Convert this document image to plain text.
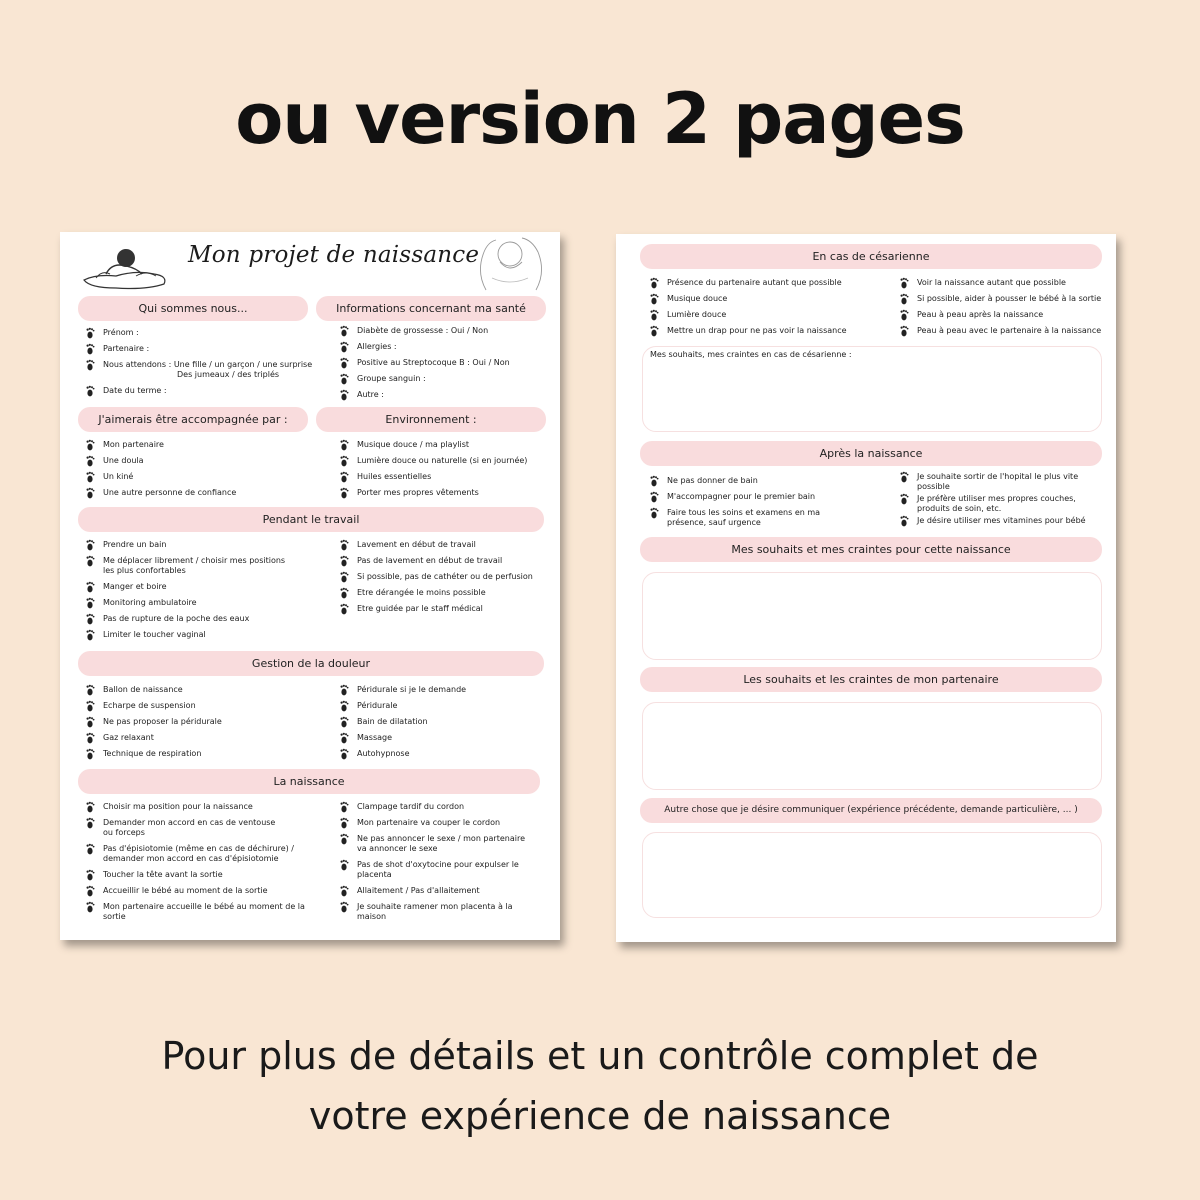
ou version 2 pages
Mon projet de naissance
Qui sommes nous...	Informations concernant ma santé
Prénom :
Partenaire :
Nous attendons : Une fille / un garçon / une surprise
Des jumeaux / des triplés
Date du terme :
Diabète de grossesse : Oui / Non
Allergies :
Positive au Streptocoque B : Oui / Non
Groupe sanguin :
Autre :
J'aimerais être accompagnée par :	Environnement :
Mon partenaire
Une doula
Un kiné
Une autre personne de confiance
Musique douce / ma playlist
Lumière douce ou naturelle (si en journée)
Huiles essentielles
Porter mes propres vêtements
Pendant le travail
Prendre un bain
Me déplacer librement / choisir mes positions
les plus confortables
Manger et boire
Monitoring ambulatoire
Pas de rupture de la poche des eaux
Limiter le toucher vaginal
Lavement en début de travail
Pas de lavement en début de travail
Si possible, pas de cathéter ou de perfusion
Etre dérangée le moins possible
Etre guidée par le staff médical
Gestion de la douleur
Ballon de naissance
Echarpe de suspension
Ne pas proposer la péridurale
Gaz relaxant
Technique de respiration
Péridurale si je le demande
Péridurale
Bain de dilatation
Massage
Autohypnose
La naissance
Choisir ma position pour la naissance
Demander mon accord en cas de ventouse
ou forceps
Pas d'épisiotomie (même en cas de déchirure) /
demander mon accord en cas d'épisiotomie
Toucher la tête avant la sortie
Accueillir le bébé au moment de la sortie
Mon partenaire accueille le bébé au moment de la
sortie
Clampage tardif du cordon
Mon partenaire va couper le cordon
Ne pas annoncer le sexe / mon partenaire
va annoncer le sexe
Pas de shot d'oxytocine pour expulser le
placenta
Allaitement / Pas d'allaitement
Je souhaite ramener mon placenta à la
maison
En cas de césarienne
Présence du partenaire autant que possible
Musique douce
Lumière douce
Mettre un drap pour ne pas voir la naissance
Voir la naissance autant que possible
Si possible, aider à pousser le bébé à la sortie
Peau à peau après la naissance
Peau à peau avec le partenaire à la naissance
Mes souhaits, mes craintes en cas de césarienne :
Après la naissance
Ne pas donner de bain
M'accompagner pour le premier bain
Faire tous les soins et examens en ma
présence, sauf urgence
Je souhaite sortir de l'hopital le plus vite
possible
Je préfère utiliser mes propres couches,
produits de soin, etc.
Je désire utiliser mes vitamines pour bébé
Mes souhaits et mes craintes pour cette naissance
Les souhaits et les craintes de mon partenaire
Autre chose que je désire communiquer (expérience précédente, demande particulière, ... )
Pour plus de détails et un contrôle complet de
votre expérience de naissance
